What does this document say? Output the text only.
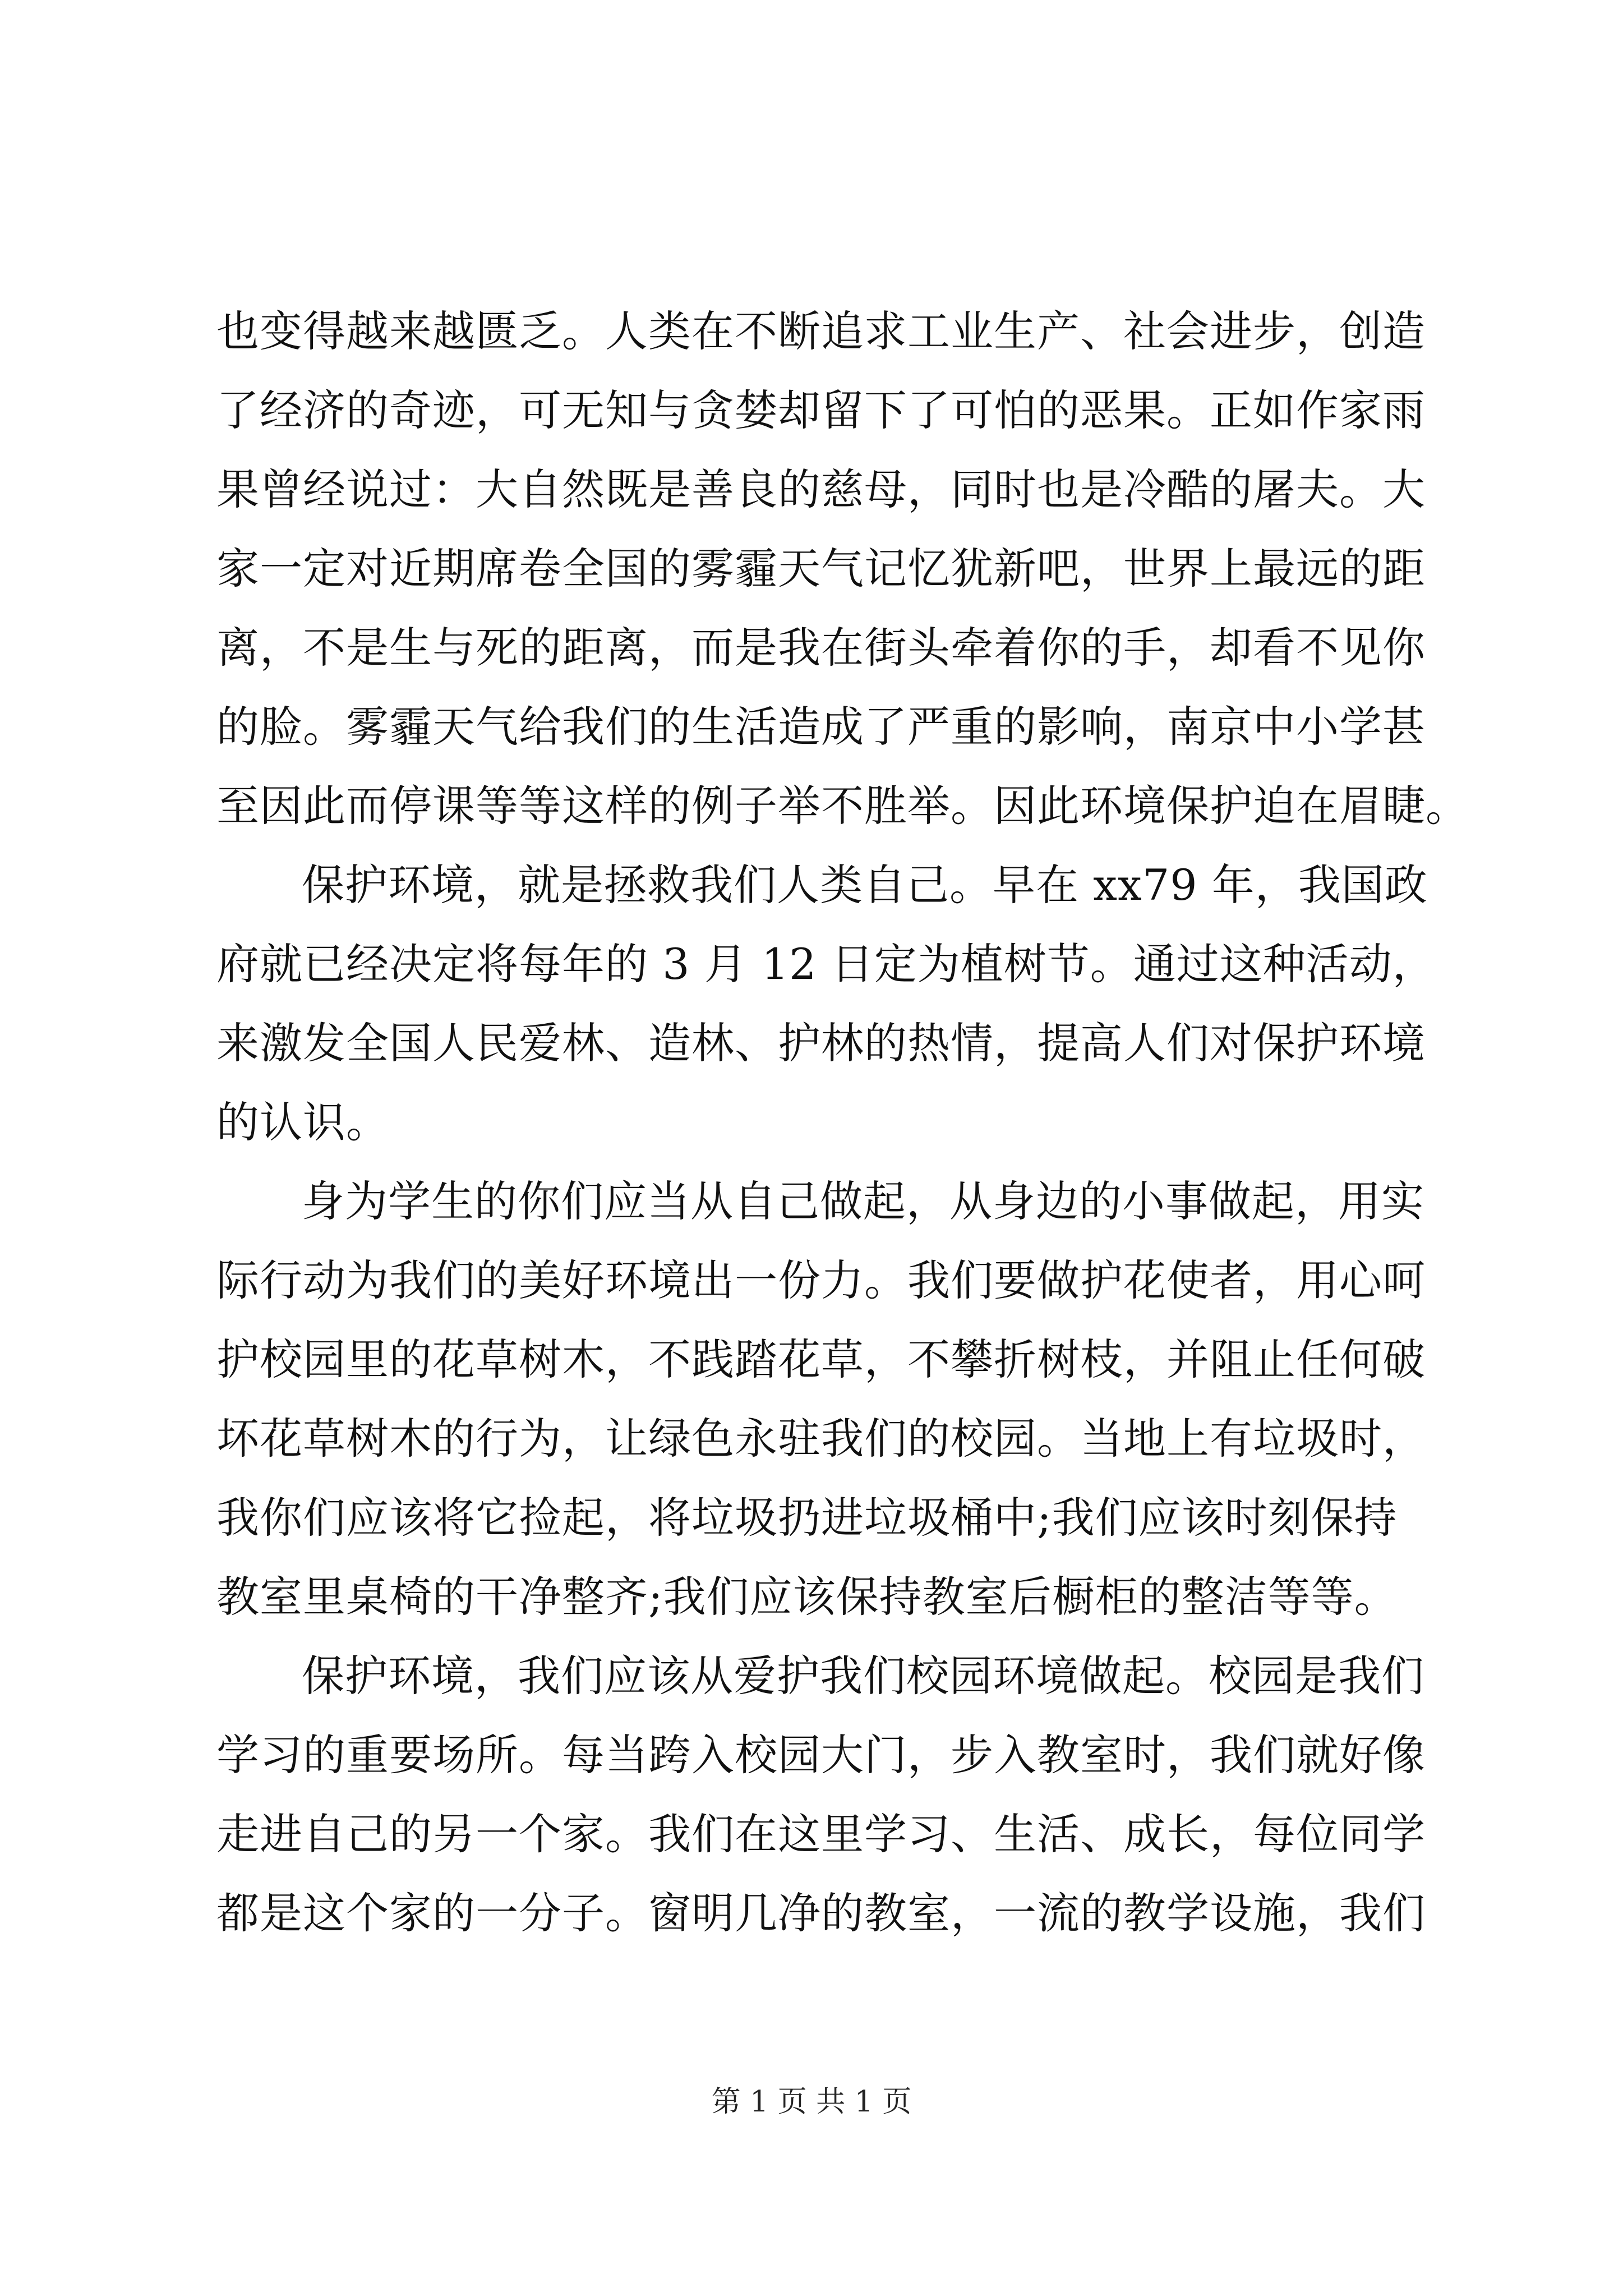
也变得越来越匮乏。人类在不断追求工业生产、社会进步，创造
了经济的奇迹，可无知与贪婪却留下了可怕的恶果。正如作家雨
果曾经说过：大自然既是善良的慈母，同时也是冷酷的屠夫。大
家一定对近期席卷全国的雾霾天气记忆犹新吧，世界上最远的距
离，不是生与死的距离，而是我在街头牵着你的手，却看不见你
的脸。雾霾天气给我们的生活造成了严重的影响，南京中小学甚
至因此而停课等等这样的例子举不胜举。因此环境保护迫在眉睫。
保护环境，就是拯救我们人类自己。早在 xx79 年，我国政
府就已经决定将每年的 3 月 12 日定为植树节。通过这种活动，
来激发全国人民爱林、造林、护林的热情，提高人们对保护环境
的认识。
身为学生的你们应当从自己做起，从身边的小事做起，用实
际行动为我们的美好环境出一份力。我们要做护花使者，用心呵
护校园里的花草树木，不践踏花草，不攀折树枝，并阻止任何破
坏花草树木的行为，让绿色永驻我们的校园。当地上有垃圾时，
我你们应该将它捡起，将垃圾扔进垃圾桶中;我们应该时刻保持
教室里桌椅的干净整齐;我们应该保持教室后橱柜的整洁等等。
保护环境，我们应该从爱护我们校园环境做起。校园是我们
学习的重要场所。每当跨入校园大门，步入教室时，我们就好像
走进自己的另一个家。我们在这里学习、生活、成长，每位同学
都是这个家的一分子。窗明几净的教室，一流的教学设施，我们
第 1 页 共 1 页
